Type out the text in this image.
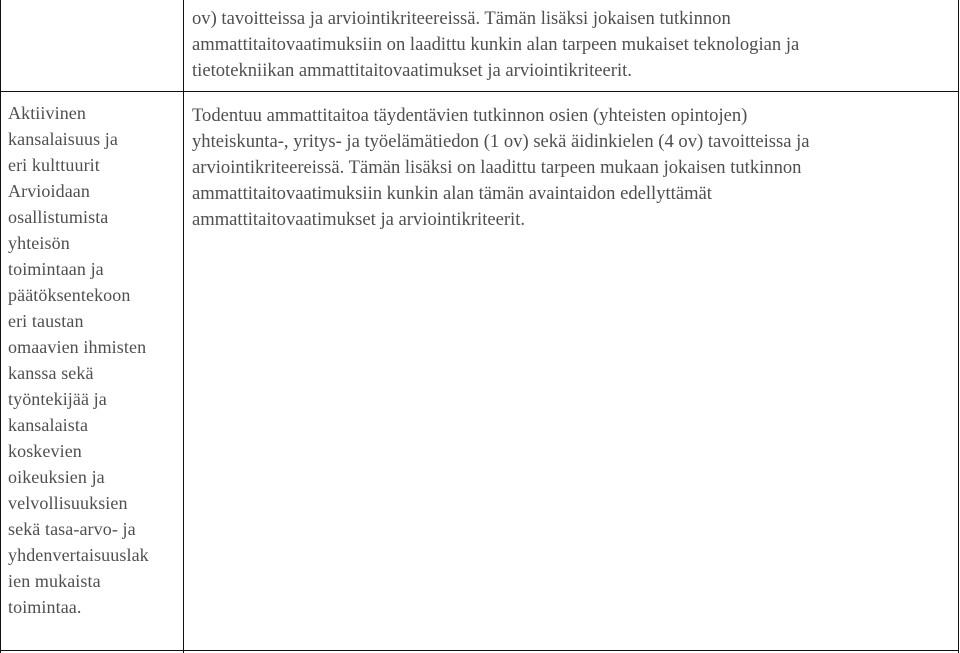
Aktiivinen
kansalaisuus ja
eri kulttuurit
Arvioidaan
osallistumista
yhteisön
toimintaan ja
päätöksentekoon
eri taustan
omaavien ihmisten
kanssa sekä
työntekijää ja
kansalaista
koskevien
oikeuksien ja
velvollisuuksien
sekä tasa-arvo- ja
yhdenvertaisuuslak
ien mukaista
toimintaa.
ov) tavoitteissa ja arviointikriteereissä. Tämän lisäksi jokaisen tutkinnon
ammattitaitovaatimuksiin on laadittu kunkin alan tarpeen mukaiset teknologian ja
tietotekniikan ammattitaitovaatimukset ja arviointikriteerit.
Todentuu ammattitaitoa täydentävien tutkinnon osien (yhteisten opintojen)
yhteiskunta-, yritys- ja työelämätiedon (1 ov) sekä äidinkielen (4 ov) tavoitteissa ja
arviointikriteereissä. Tämän lisäksi on laadittu tarpeen mukaan jokaisen tutkinnon
ammattitaitovaatimuksiin kunkin alan tämän avaintaidon edellyttämät
ammattitaitovaatimukset ja arviointikriteerit.
